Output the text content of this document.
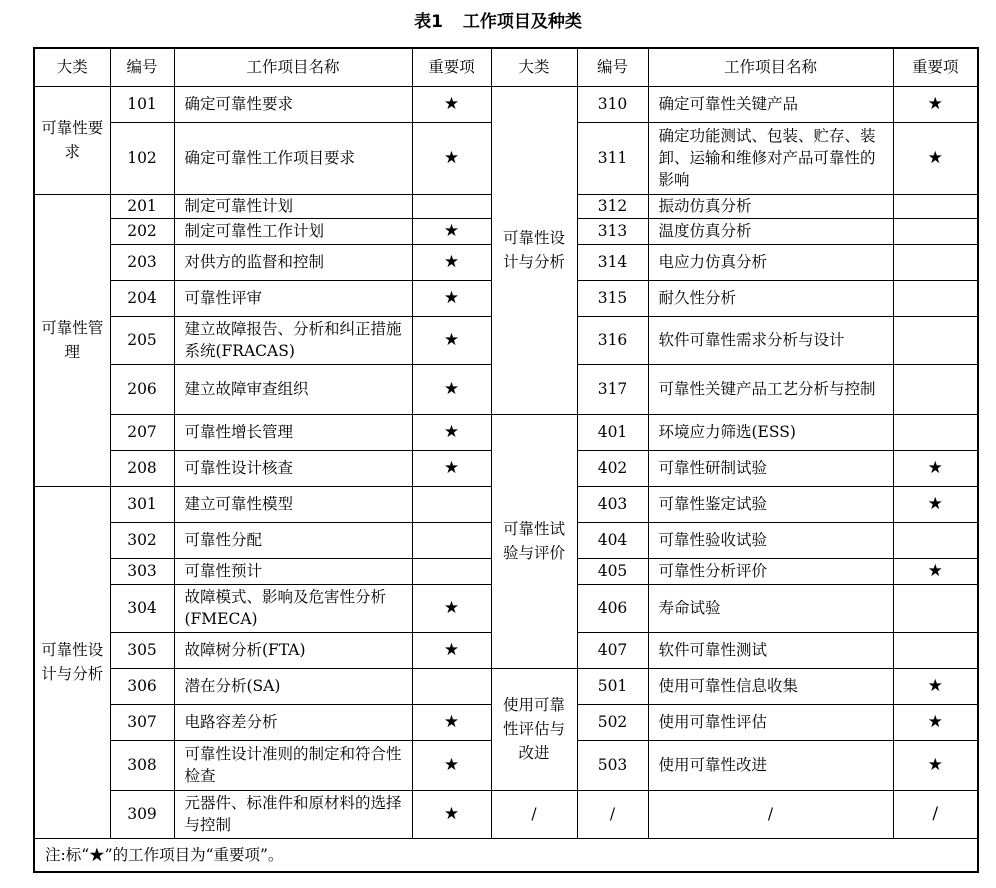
表1 工作项目及种类
大类	编号	工作项目名称	重要项	大类	编号	工作项目名称	重要项
可靠性要求	101	确定可靠性要求	★	可靠性设计与分析	310	确定可靠性关键产品	★
	102	确定可靠性工作项目要求	★		311	确定功能测试、包装、贮存、装卸、运输和维修对产品可靠性的影响	★
可靠性管理	201	制定可靠性计划			312	振动仿真分析	
	202	制定可靠性工作计划	★		313	温度仿真分析	
	203	对供方的监督和控制	★		314	电应力仿真分析	
	204	可靠性评审	★		315	耐久性分析	
	205	建立故障报告、分析和纠正措施系统(FRACAS)	★		316	软件可靠性需求分析与设计	
	206	建立故障审查组织	★		317	可靠性关键产品工艺分析与控制	
	207	可靠性增长管理	★	可靠性试验与评价	401	环境应力筛选(ESS)	
	208	可靠性设计核查	★		402	可靠性研制试验	★
可靠性设计与分析	301	建立可靠性模型			403	可靠性鉴定试验	★
	302	可靠性分配			404	可靠性验收试验	
	303	可靠性预计			405	可靠性分析评价	★
	304	故障模式、影响及危害性分析(FMECA)	★		406	寿命试验	
	305	故障树分析(FTA)	★		407	软件可靠性测试	
	306	潜在分析(SA)		使用可靠性评估与改进	501	使用可靠性信息收集	★
	307	电路容差分析	★		502	使用可靠性评估	★
	308	可靠性设计准则的制定和符合性检查	★		503	使用可靠性改进	★
	309	元器件、标准件和原材料的选择与控制	★	/	/	/	/
注:标“★”的工作项目为“重要项”。							
